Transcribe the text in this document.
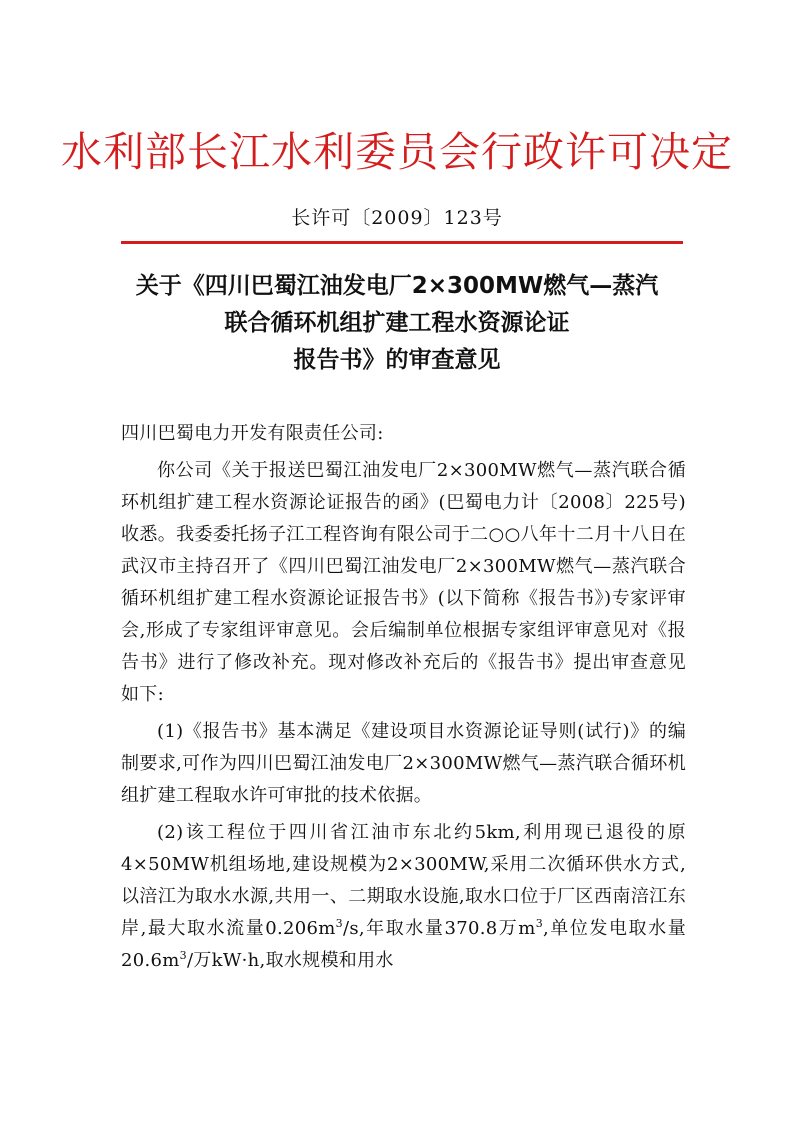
水利部长江水利委员会行政许可决定
长许可〔2009〕123号
关于《四川巴蜀江油发电厂2×300MW燃气—蒸汽
联合循环机组扩建工程水资源论证
报告书》的审查意见

四川巴蜀电力开发有限责任公司:

你公司《关于报送巴蜀江油发电厂2×300MW燃气—蒸汽联合循环机组扩建工程水资源论证报告的函》(巴蜀电力计〔2008〕225号)收悉。我委委托扬子江工程咨询有限公司于二○○八年十二月十八日在武汉市主持召开了《四川巴蜀江油发电厂2×300MW燃气—蒸汽联合循环机组扩建工程水资源论证报告书》(以下简称《报告书》)专家评审会,形成了专家组评审意见。会后编制单位根据专家组评审意见对《报告书》进行了修改补充。现对修改补充后的《报告书》提出审查意见如下:

(1)《报告书》基本满足《建设项目水资源论证导则(试行)》的编制要求,可作为四川巴蜀江油发电厂2×300MW燃气—蒸汽联合循环机组扩建工程取水许可审批的技术依据。

(2)该工程位于四川省江油市东北约5km,利用现已退役的原4×50MW机组场地,建设规模为2×300MW,采用二次循环供水方式,以涪江为取水水源,共用一、二期取水设施,取水口位于厂区西南涪江东岸,最大取水流量$0.206m^3/s$,年取水量370.8万$m^3$,单位发电取水量$20.6m^3/$万kW·h,取水规模和用水
